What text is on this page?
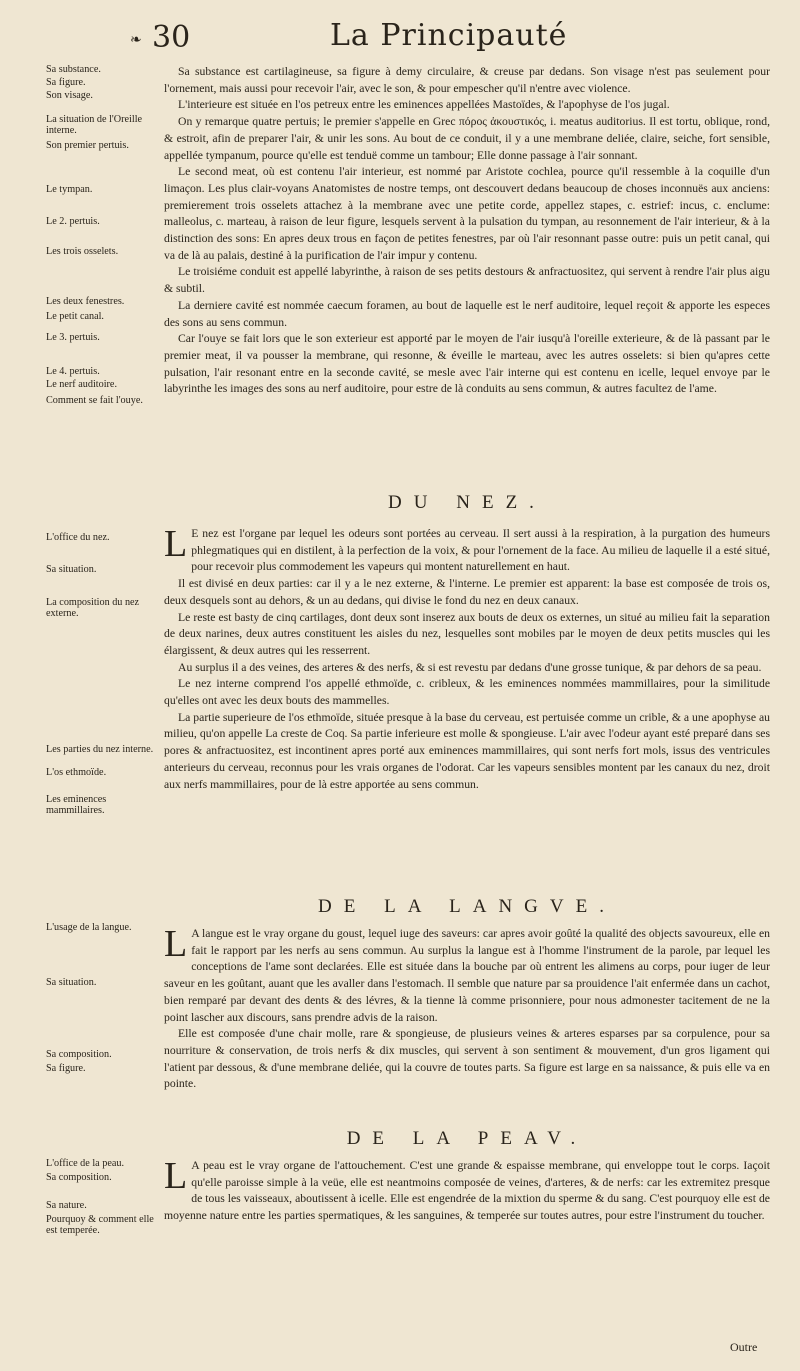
❧ 30	La Principauté
Sa substance.
Sa figure.
Son visage.
La situation de l'Oreille interne.
Son premier pertuis.
Le tympan.
Le 2. pertuis.
Les trois osselets.
Les deux fenestres.
Le petit canal.
Le 3. pertuis.
Le 4. pertuis.
Le nerf auditoire.
Comment se fait l'ouye.
L'office du nez.
Sa situation.
La composition du nez externe.
Les parties du nez interne.
L'os ethmoïde.
Les eminences mammillaires.
L'usage de la langue.
Sa situation.
Sa composition.
Sa figure.
L'office de la peau.
Sa composition.
Sa nature.
Pourquoy & comment elle est temperée.

Sa substance est cartilagineuse, sa figure à demy circulaire, & creuse par dedans. Son visage n'est pas seulement pour l'ornement, mais aussi pour recevoir l'air, avec le son, & pour empescher qu'il n'entre avec violence.

L'interieure est située en l'os petreux entre les eminences appellées Mastoïdes, & l'apophyse de l'os jugal.

On y remarque quatre pertuis; le premier s'appelle en Grec πόρος ἀκουστικός, i. meatus auditorius. Il est tortu, oblique, rond, & estroit, afin de preparer l'air, & unir les sons. Au bout de ce conduit, il y a une membrane deliée, claire, seiche, fort sensible, appellée tympanum, pource qu'elle est tenduë comme un tambour; Elle donne passage à l'air sonnant.

Le second meat, où est contenu l'air interieur, est nommé par Aristote cochlea, pource qu'il ressemble à la coquille d'un limaçon. Les plus clair-voyans Anatomistes de nostre temps, ont descouvert dedans beaucoup de choses inconnuës aux anciens: premierement trois osselets attachez à la membrane avec une petite corde, appellez stapes, c. estrief: incus, c. enclume: malleolus, c. marteau, à raison de leur figure, lesquels servent à la pulsation du tympan, au resonnement de l'air interieur, & à la distinction des sons: En apres deux trous en façon de petites fenestres, par où l'air resonnant passe outre: puis un petit canal, qui va de là au palais, destiné à la purification de l'air impur y contenu.

Le troisiéme conduit est appellé labyrinthe, à raison de ses petits destours & anfractuositez, qui servent à rendre l'air plus aigu & subtil.

La derniere cavité est nommée caecum foramen, au bout de laquelle est le nerf auditoire, lequel reçoit & apporte les especes des sons au sens commun.

Car l'ouye se fait lors que le son exterieur est apporté par le moyen de l'air iusqu'à l'oreille exterieure, & de là passant par le premier meat, il va pousser la membrane, qui resonne, & éveille le marteau, avec les autres osselets: si bien qu'apres cette pulsation, l'air resonant entre en la seconde cavité, se mesle avec l'air interne qui est contenu en icelle, lequel envoye par le labyrinthe les images des sons au nerf auditoire, pour estre de là conduits au sens commun, & autres facultez de l'ame.

DU NEZ.

L E nez est l'organe par lequel les odeurs sont portées au cerveau. Il sert aussi à la respiration, à la purgation des humeurs phlegmatiques qui en distilent, à la perfection de la voix, & pour l'ornement de la face. Au milieu de laquelle il a esté situé, pour recevoir plus commodement les vapeurs qui montent naturellement en haut.

Il est divisé en deux parties: car il y a le nez externe, & l'interne. Le premier est apparent: la base est composée de trois os, deux desquels sont au dehors, & un au dedans, qui divise le fond du nez en deux canaux.

Le reste est basty de cinq cartilages, dont deux sont inserez aux bouts de deux os externes, un situé au milieu fait la separation de deux narines, deux autres constituent les aisles du nez, lesquelles sont mobiles par le moyen de deux petits muscles qui les élargissent, & deux autres qui les resserrent.

Au surplus il a des veines, des arteres & des nerfs, & si est revestu par dedans d'une grosse tunique, & par dehors de sa peau.

Le nez interne comprend l'os appellé ethmoïde, c. cribleux, & les eminences nommées mammillaires, pour la similitude qu'elles ont avec les deux bouts des mammelles.

La partie superieure de l'os ethmoïde, située presque à la base du cerveau, est pertuisée comme un crible, & a une apophyse au milieu, qu'on appelle La creste de Coq. Sa partie inferieure est molle & spongieuse. L'air avec l'odeur ayant esté preparé dans ses pores & anfractuositez, est incontinent apres porté aux eminences mammillaires, qui sont nerfs fort mols, issus des ventricules anterieurs du cerveau, reconnus pour les vrais organes de l'odorat. Car les vapeurs sensibles montent par les canaux du nez, droit aux nerfs mammillaires, pour de là estre apportée au sens commun.

DE LA LANGVE.

L A langue est le vray organe du goust, lequel iuge des saveurs: car apres avoir goûté la qualité des objects savoureux, elle en fait le rapport par les nerfs au sens commun. Au surplus la langue est à l'homme l'instrument de la parole, par lequel les conceptions de l'ame sont declarées. Elle est située dans la bouche par où entrent les alimens au corps, pour iuger de leur saveur en les goûtant, auant que les avaller dans l'estomach. Il semble que nature par sa prouidence l'ait enfermée dans un cachot, bien remparé par devant des dents & des lévres, & la tienne là comme prisonniere, pour nous admonester tacitement de ne la point lascher aux discours, sans prendre advis de la raison.

Elle est composée d'une chair molle, rare & spongieuse, de plusieurs veines & arteres esparses par sa corpulence, pour sa nourriture & conservation, de trois nerfs & dix muscles, qui servent à son sentiment & mouvement, d'un gros ligament qui l'atient par dessous, & d'une membrane deliée, qui la couvre de toutes parts. Sa figure est large en sa naissance, & puis elle va en pointe.

DE LA PEAV.

L A peau est le vray organe de l'attouchement. C'est une grande & espaisse membrane, qui enveloppe tout le corps. Iaçoit qu'elle paroisse simple à la veüe, elle est neantmoins composée de veines, d'arteres, & de nerfs: car les extremitez presque de tous les vaisseaux, aboutissent à icelle. Elle est engendrée de la mixtion du sperme & du sang. C'est pourquoy elle est de moyenne nature entre les parties spermatiques, & les sanguines, & temperée sur toutes autres, pour estre l'instrument du toucher.

Outre
